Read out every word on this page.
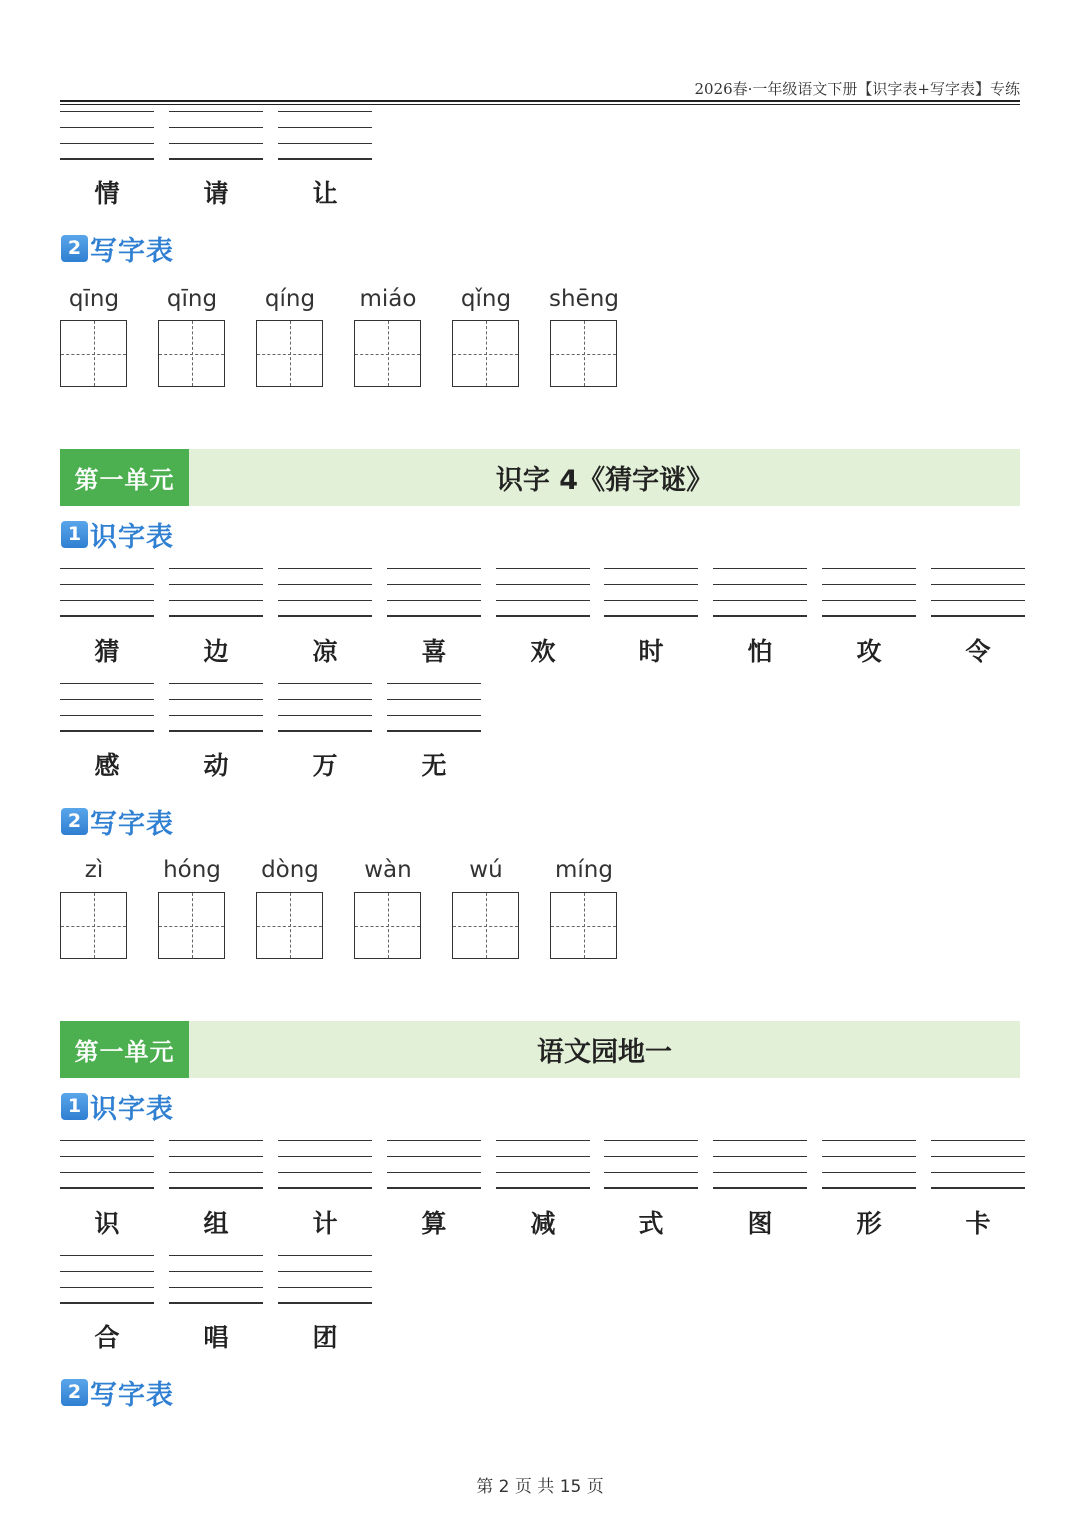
2026春·一年级语文下册【识字表+写字表】专练
情	请	让
2 写字表
qīng	qīng	qíng	miáo	qǐng	shēng
第一单元	识字 4《猜字谜》
1 识字表
猜	边	凉	喜	欢	时	怕	攻	令
感	动	万	无
2 写字表
zì	hóng	dòng	wàn	wú	míng
第一单元	语文园地一
1 识字表
识	组	计	算	减	式	图	形	卡
合	唱	团
2 写字表
第 2 页 共 15 页
